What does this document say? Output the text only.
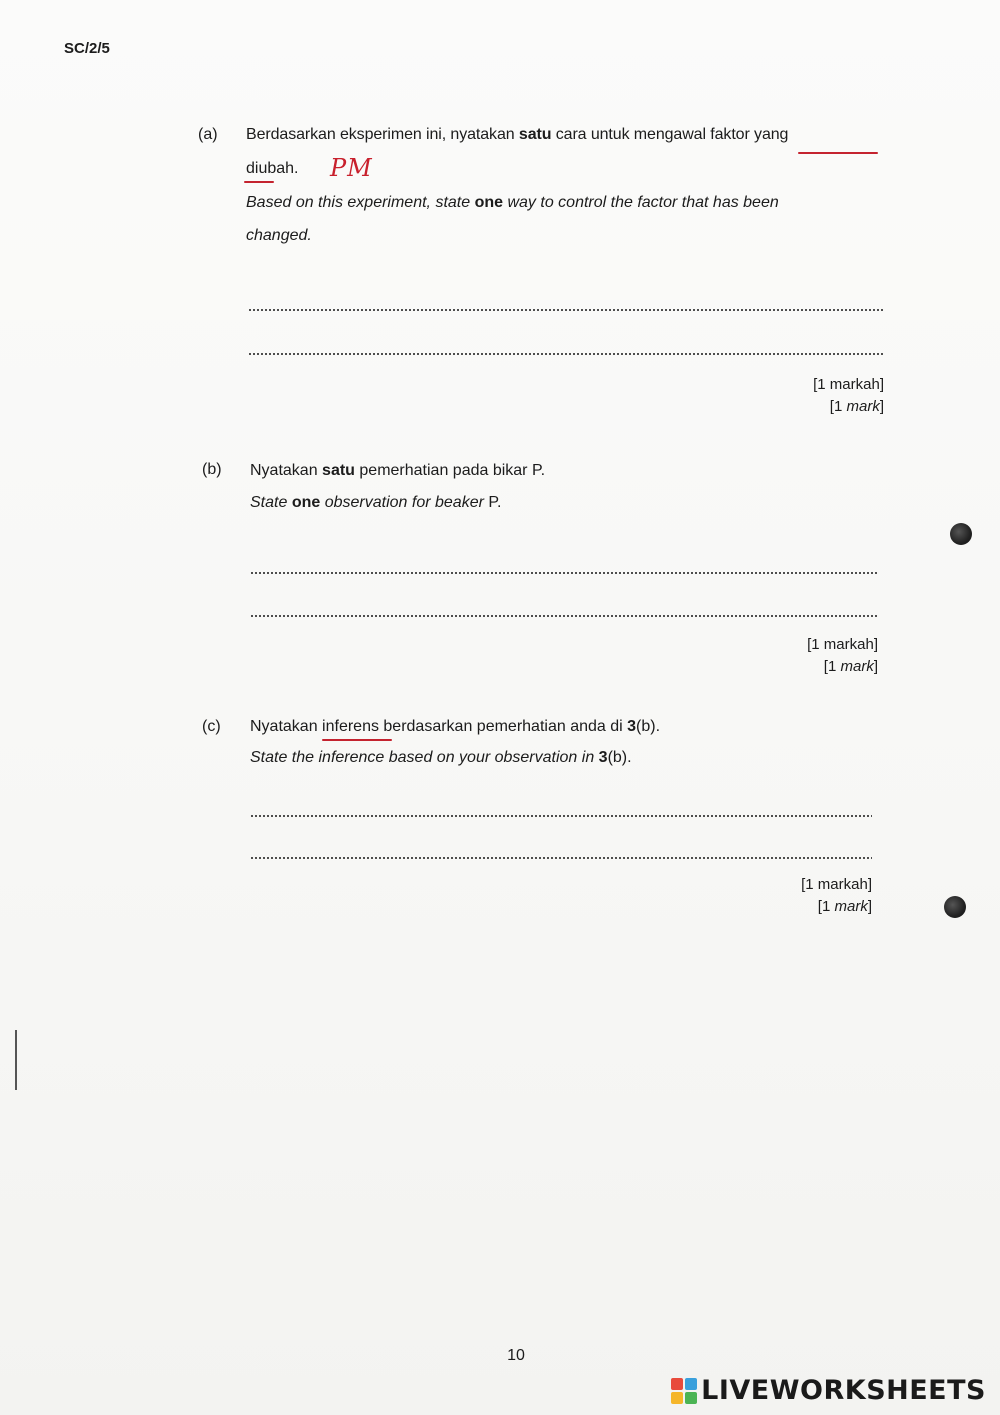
SC/2/5
(a) Berdasarkan eksperimen ini, nyatakan satu cara untuk mengawal faktor yang
diubah. PM
Based on this experiment, state one way to control the factor that has been
changed.
[1 markah]
[1 mark]
(b) Nyatakan satu pemerhatian pada bikar P.
State one observation for beaker P.
[1 markah]
[1 mark]
(c) Nyatakan inferens berdasarkan pemerhatian anda di 3(b).
State the inference based on your observation in 3(b).
[1 markah]
[1 mark]
10
LIVEWORKSHEETS
